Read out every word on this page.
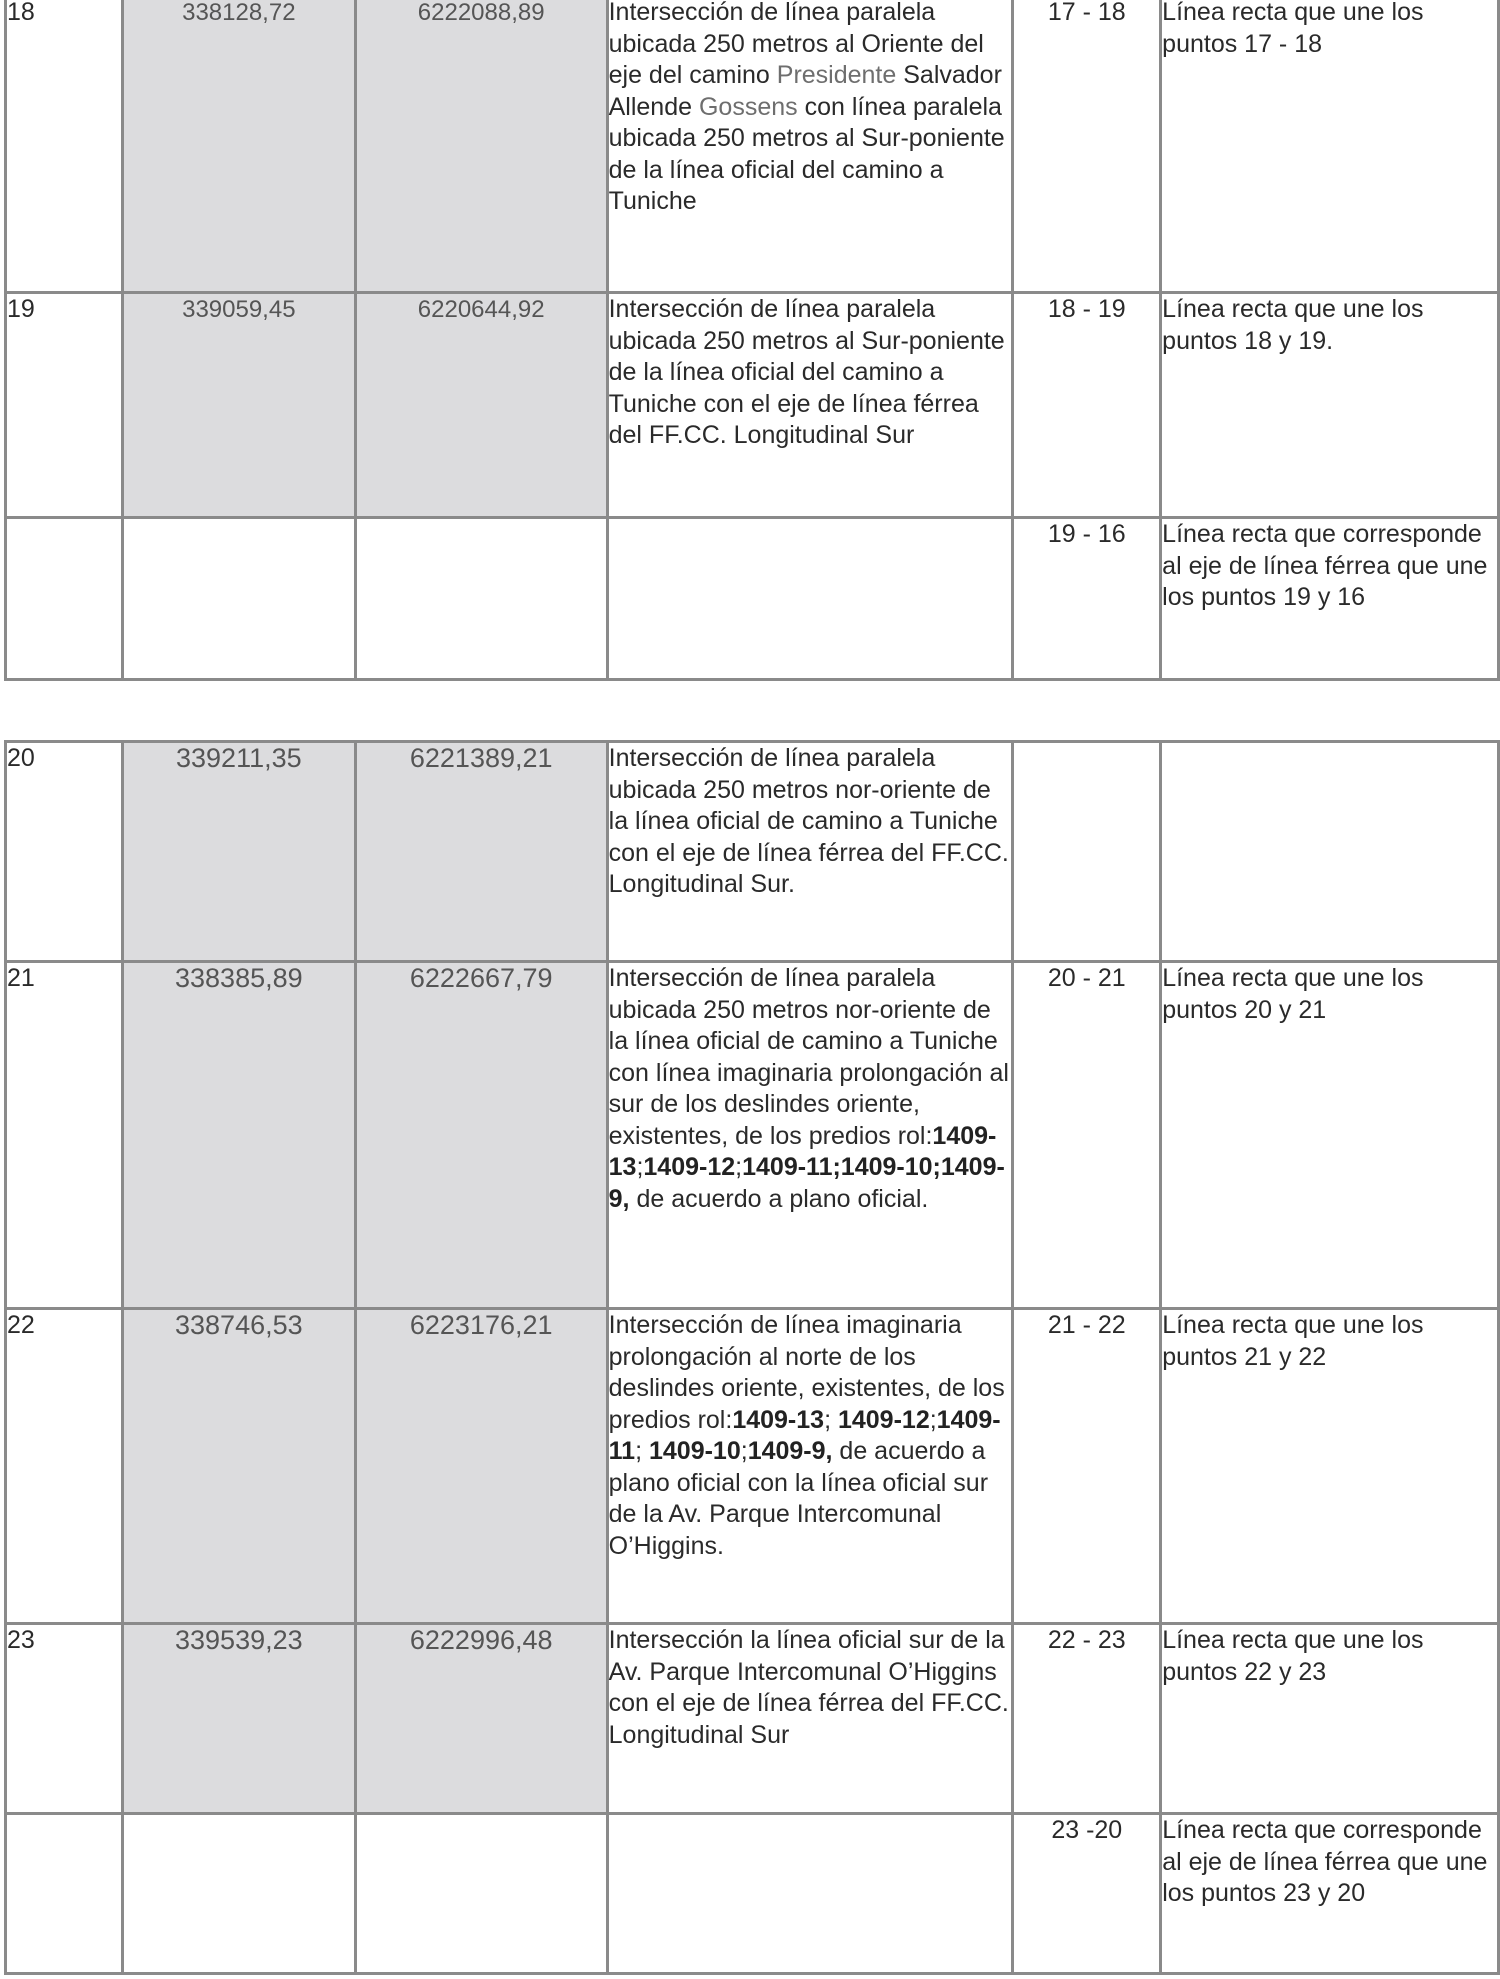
18	338128,72	6222088,89	Intersección de línea paralela ubicada 250 metros al Oriente del eje del camino Presidente Salvador Allende Gossens con línea paralela ubicada 250 metros al Sur-poniente de la línea oficial del camino a Tuniche	17 - 18	Línea recta que une los puntos 17 - 18
19	339059,45	6220644,92	Intersección de línea paralela ubicada 250 metros al Sur-poniente de la línea oficial del camino a Tuniche con el eje de línea férrea del FF.CC. Longitudinal Sur	18 - 19	Línea recta que une los puntos 18 y 19.
				19 - 16	Línea recta que corresponde al eje de línea férrea que une los puntos 19 y 16
20	339211,35	6221389,21	Intersección de línea paralela ubicada 250 metros nor-oriente de la línea oficial de camino a Tuniche con el eje de línea férrea del FF.CC. Longitudinal Sur.		
21	338385,89	6222667,79	Intersección de línea paralela ubicada 250 metros nor-oriente de la línea oficial de camino a Tuniche con línea imaginaria prolongación al sur de los deslindes oriente, existentes, de los predios rol:1409-13;1409-12;1409-11;1409-10;1409-9, de acuerdo a plano oficial.	20 - 21	Línea recta que une los puntos 20 y 21
22	338746,53	6223176,21	Intersección de línea imaginaria prolongación al norte de los deslindes oriente, existentes, de los predios rol:1409-13; 1409-12;1409-11; 1409-10;1409-9, de acuerdo a plano oficial con la línea oficial sur de la Av. Parque Intercomunal O’Higgins.	21 - 22	Línea recta que une los puntos 21 y 22
23	339539,23	6222996,48	Intersección la línea oficial sur de la Av. Parque Intercomunal O’Higgins con el eje de línea férrea del FF.CC. Longitudinal Sur	22 - 23	Línea recta que une los puntos 22 y 23
				23 -20	Línea recta que corresponde al eje de línea férrea que une los puntos 23 y 20
